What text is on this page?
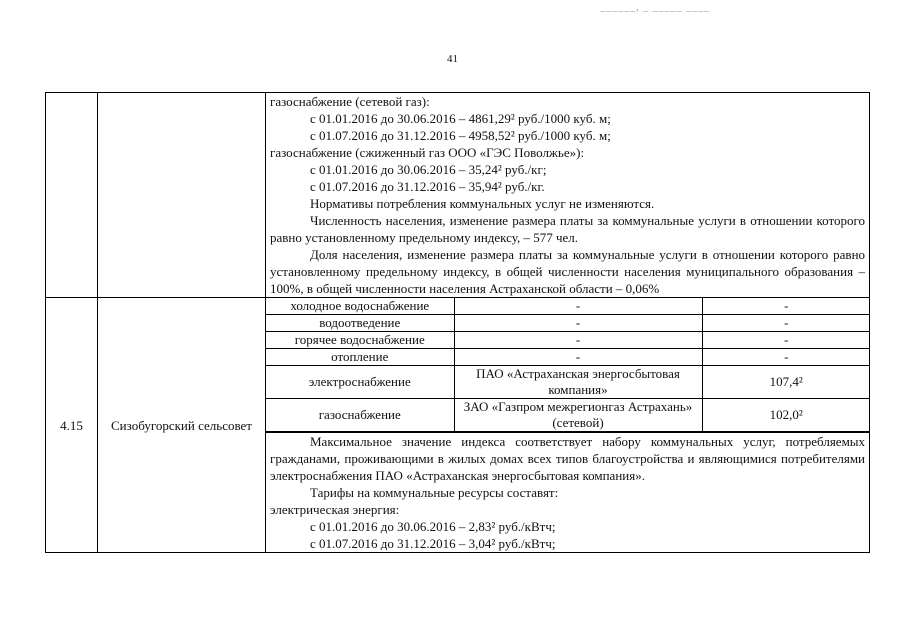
______, _ _____ ____
41

газоснабжение (сетевой газ):

с 01.01.2016 до 30.06.2016 – 4861,29² руб./1000 куб. м;

с 01.07.2016 до 31.12.2016 – 4958,52² руб./1000 куб. м;

газоснабжение (сжиженный газ ООО «ГЭС Поволжье»):

с 01.01.2016 до 30.06.2016 – 35,24² руб./кг;

с 01.07.2016 до 31.12.2016 – 35,94² руб./кг.

Нормативы потребления коммунальных услуг не изменяются.

Численность населения, изменение размера платы за коммунальные услуги в отношении которого равно установленному предельному индексу, – 577 чел.

Доля населения, изменение размера платы за коммунальные услуги в отношении которого равно установленному предельному индексу, в общей численности населения муниципального образования – 100%, в общей численности населения Астраханской области – 0,06%

4.15	Сизобугорский сельсовет	
холодное водоснабжение	-	-
водоотведение	-	-
горячее водоснабжение	-	-
отопление	-	-
электроснабжение	ПАО «Астраханская энергосбытовая компания»	107,4²
газоснабжение	ЗАО «Газпром межрегионгаз Астрахань» (сетевой)	102,0²

Максимальное значение индекса соответствует набору коммунальных услуг, потребляемых гражданами, проживающими в жилых домах всех типов благоустройства и являющимися потребителями электроснабжения ПАО «Астраханская энергосбытовая компания».

Тарифы на коммунальные ресурсы составят:

электрическая энергия:

с 01.01.2016 до 30.06.2016 – 2,83² руб./кВтч;

с 01.07.2016 до 31.12.2016 – 3,04² руб./кВтч;
